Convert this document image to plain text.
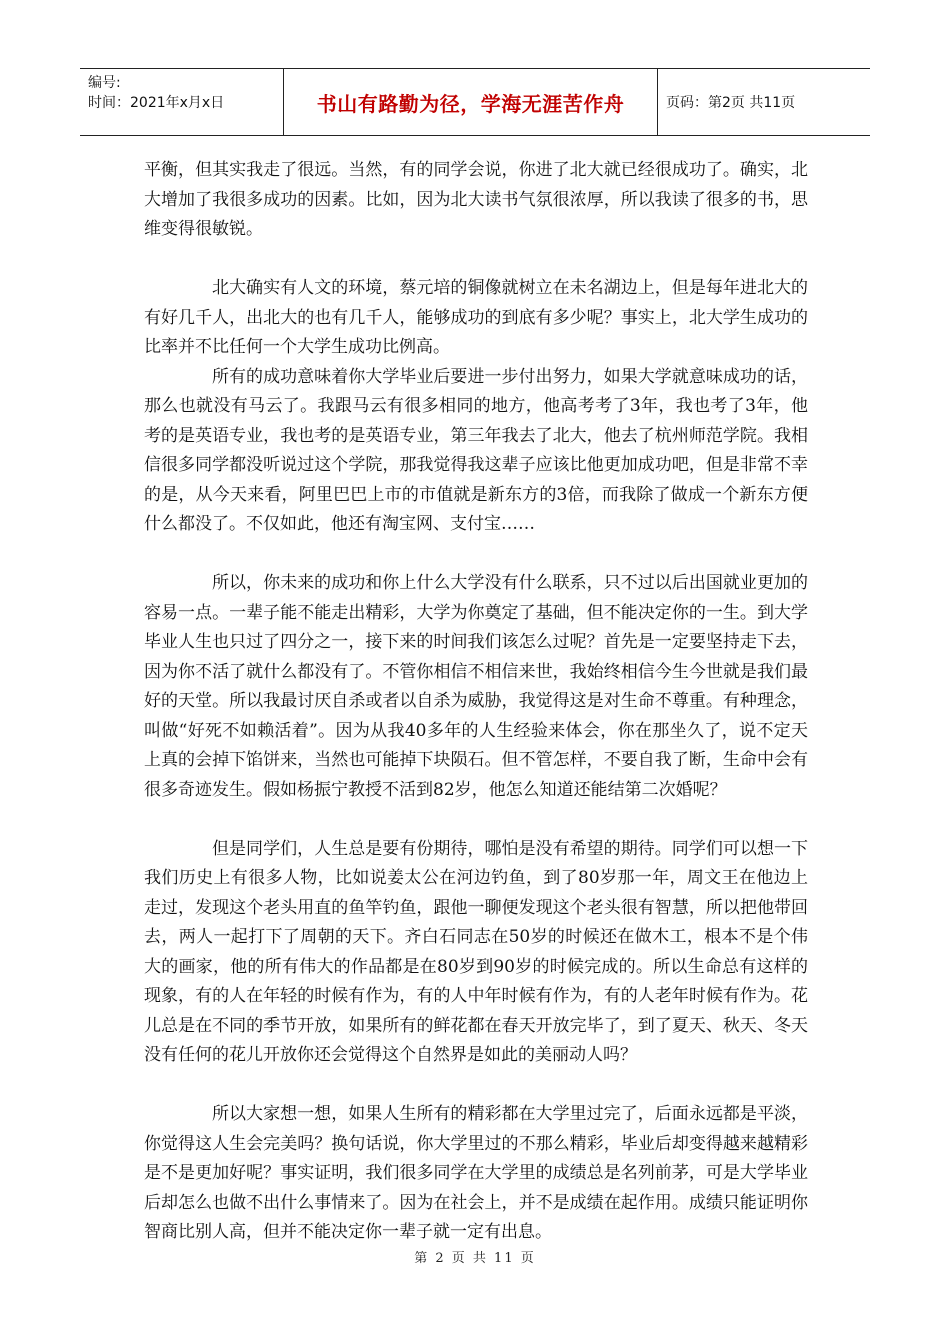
编号:
时间：2021年x月x日	书山有路勤为径，学海无涯苦作舟	页码：第2页 共11页

平衡，但其实我走了很远。当然，有的同学会说，你进了北大就已经很成功了。确实，北大增加了我很多成功的因素。比如，因为北大读书气氛很浓厚，所以我读了很多的书，思维变得很敏锐。

北大确实有人文的环境，蔡元培的铜像就树立在未名湖边上，但是每年进北大的有好几千人，出北大的也有几千人，能够成功的到底有多少呢？事实上，北大学生成功的比率并不比任何一个大学生成功比例高。

所有的成功意味着你大学毕业后要进一步付出努力，如果大学就意味成功的话，那么也就没有马云了。我跟马云有很多相同的地方，他高考考了3年，我也考了3年，他考的是英语专业，我也考的是英语专业，第三年我去了北大，他去了杭州师范学院。我相信很多同学都没听说过这个学院，那我觉得我这辈子应该比他更加成功吧，但是非常不幸的是，从今天来看，阿里巴巴上市的市值就是新东方的3倍，而我除了做成一个新东方便什么都没了。不仅如此，他还有淘宝网、支付宝……

所以，你未来的成功和你上什么大学没有什么联系，只不过以后出国就业更加的容易一点。一辈子能不能走出精彩，大学为你奠定了基础，但不能决定你的一生。到大学毕业人生也只过了四分之一，接下来的时间我们该怎么过呢？首先是一定要坚持走下去，因为你不活了就什么都没有了。不管你相信不相信来世，我始终相信今生今世就是我们最好的天堂。所以我最讨厌自杀或者以自杀为威胁，我觉得这是对生命不尊重。有种理念，叫做“好死不如赖活着”。因为从我40多年的人生经验来体会，你在那坐久了，说不定天上真的会掉下馅饼来，当然也可能掉下块陨石。但不管怎样，不要自我了断，生命中会有很多奇迹发生。假如杨振宁教授不活到82岁，他怎么知道还能结第二次婚呢？

但是同学们，人生总是要有份期待，哪怕是没有希望的期待。同学们可以想一下我们历史上有很多人物，比如说姜太公在河边钓鱼，到了80岁那一年，周文王在他边上走过，发现这个老头用直的鱼竿钓鱼，跟他一聊便发现这个老头很有智慧，所以把他带回去，两人一起打下了周朝的天下。齐白石同志在50岁的时候还在做木工，根本不是个伟大的画家，他的所有伟大的作品都是在80岁到90岁的时候完成的。所以生命总有这样的现象，有的人在年轻的时候有作为，有的人中年时候有作为，有的人老年时候有作为。花儿总是在不同的季节开放，如果所有的鲜花都在春天开放完毕了，到了夏天、秋天、冬天没有任何的花儿开放你还会觉得这个自然界是如此的美丽动人吗？

所以大家想一想，如果人生所有的精彩都在大学里过完了，后面永远都是平淡，你觉得这人生会完美吗？换句话说，你大学里过的不那么精彩，毕业后却变得越来越精彩是不是更加好呢？事实证明，我们很多同学在大学里的成绩总是名列前茅，可是大学毕业后却怎么也做不出什么事情来了。因为在社会上，并不是成绩在起作用。成绩只能证明你智商比别人高，但并不能决定你一辈子就一定有出息。

第 2 页 共 11 页
